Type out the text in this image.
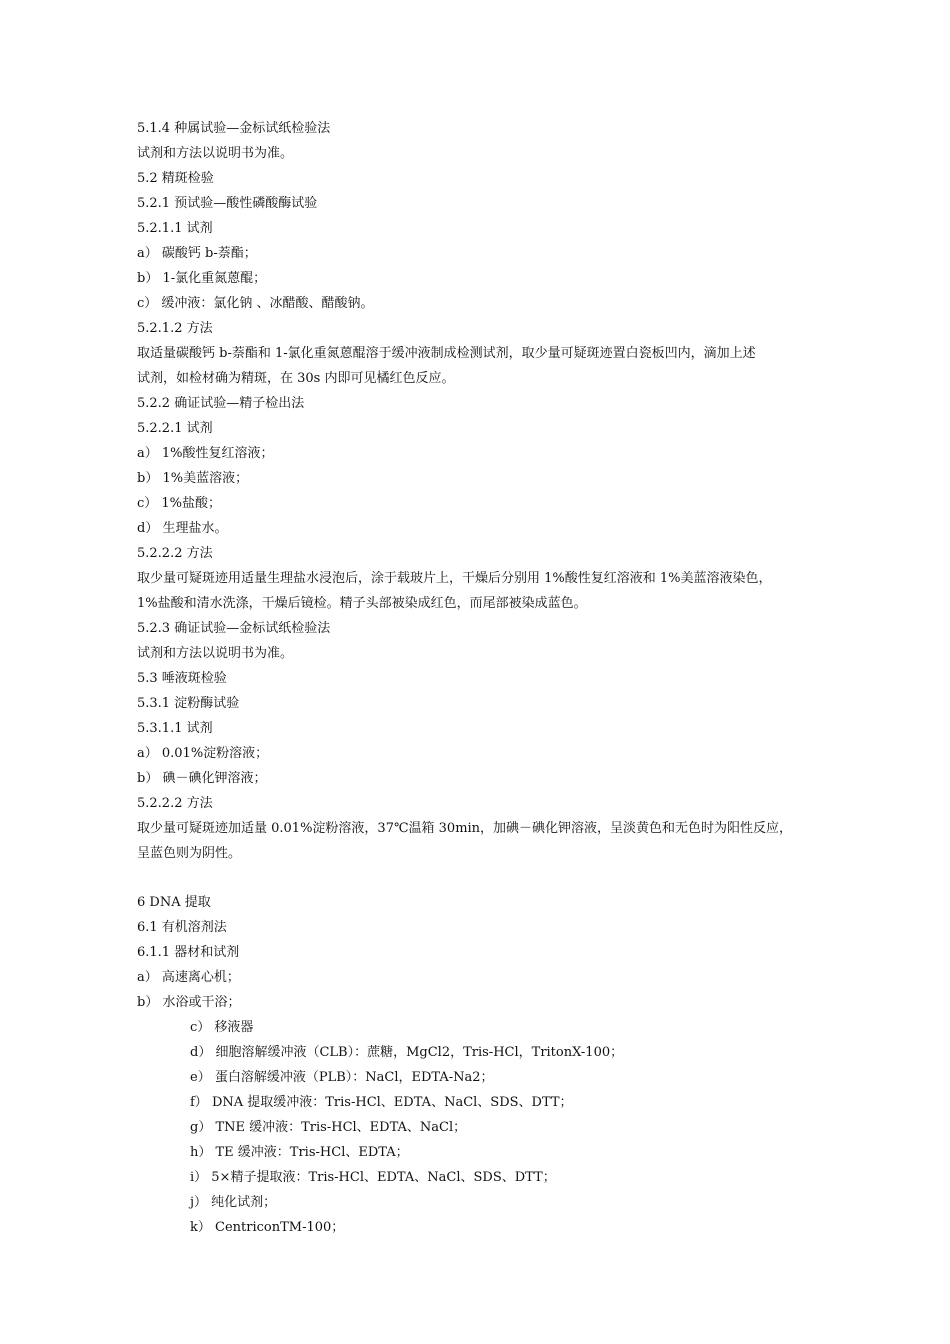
5.1.4 种属试验—金标试纸检验法
试剂和方法以说明书为准。
5.2 精斑检验
5.2.1 预试验—酸性磷酸酶试验
5.2.1.1 试剂
a） 碳酸钙 b-萘酯；
b） 1-氯化重氮蒽醌；
c） 缓冲液：氯化钠 、冰醋酸、醋酸钠。
5.2.1.2 方法
取适量碳酸钙 b-萘酯和 1-氯化重氮蒽醌溶于缓冲液制成检测试剂，取少量可疑斑迹置白瓷板凹内，滴加上述
试剂，如检材确为精斑，在 30s 内即可见橘红色反应。
5.2.2 确证试验—精子检出法
5.2.2.1 试剂
a） 1%酸性复红溶液；
b） 1%美蓝溶液；
c） 1%盐酸；
d） 生理盐水。
5.2.2.2 方法
取少量可疑斑迹用适量生理盐水浸泡后，涂于载玻片上，干燥后分别用 1%酸性复红溶液和 1%美蓝溶液染色，
1%盐酸和清水洗涤，干燥后镜检。精子头部被染成红色，而尾部被染成蓝色。
5.2.3 确证试验—金标试纸检验法
试剂和方法以说明书为准。
5.3 唾液斑检验
5.3.1 淀粉酶试验
5.3.1.1 试剂
a） 0.01%淀粉溶液；
b） 碘－碘化钾溶液；
5.2.2.2 方法
取少量可疑斑迹加适量 0.01%淀粉溶液，37℃温箱 30min，加碘－碘化钾溶液，呈淡黄色和无色时为阳性反应，
呈蓝色则为阴性。
6 DNA 提取
6.1 有机溶剂法
6.1.1 器材和试剂
a） 高速离心机；
b） 水浴或干浴；
c） 移液器
d） 细胞溶解缓冲液（CLB）：蔗糖，MgCl2，Tris-HCl，TritonX-100；
e） 蛋白溶解缓冲液（PLB）：NaCl，EDTA-Na2；
f） DNA 提取缓冲液：Tris-HCl、EDTA、NaCl、SDS、DTT；
g） TNE 缓冲液：Tris-HCl、EDTA、NaCl；
h） TE 缓冲液：Tris-HCl、EDTA；
i） 5×精子提取液：Tris-HCl、EDTA、NaCl、SDS、DTT；
j） 纯化试剂；
k） CentriconTM-100；
